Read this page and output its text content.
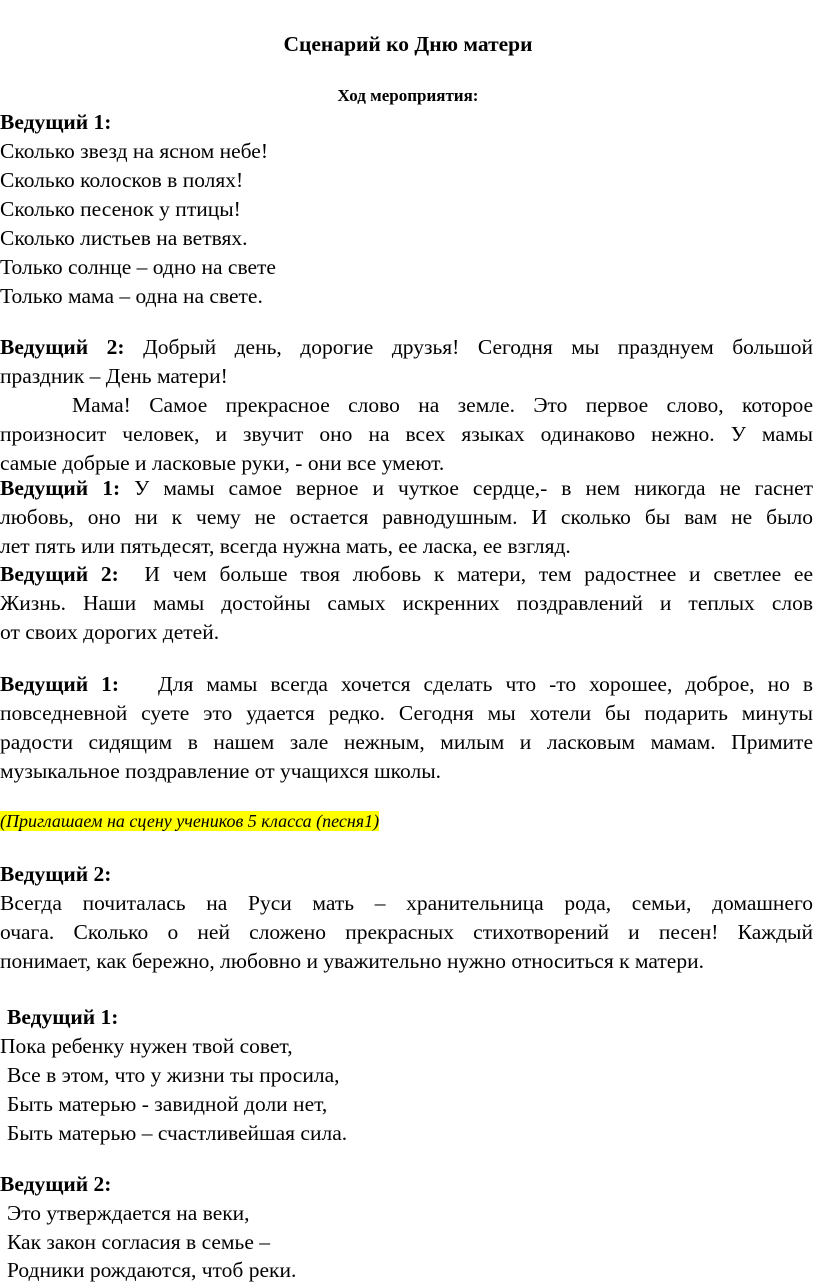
Сценарий ко Дню матери
Ход мероприятия:
Ведущий 1:
Сколько звезд на ясном небе!
Сколько колосков в полях!
Сколько песенок у птицы!
Сколько листьев на ветвях.
Только солнце – одно на свете
Только мама – одна на свете.
Ведущий 2: Добрый день, дорогие друзья! Сегодня мы празднуем большой
праздник – День матери!
Мама! Самое прекрасное слово на земле. Это первое слово, которое
произносит человек, и звучит оно на всех языках одинаково нежно. У мамы
самые добрые и ласковые руки, - они все умеют.
Ведущий 1: У мамы самое верное и чуткое сердце,- в нем никогда не гаснет
любовь, оно ни к чему не остается равнодушным. И сколько бы вам не было
лет пять или пятьдесят, всегда нужна мать, ее ласка, ее взгляд.
Ведущий 2: И чем больше твоя любовь к матери, тем радостнее и светлее ее
Жизнь. Наши мамы достойны самых искренних поздравлений и теплых слов
от своих дорогих детей.
Ведущий 1: Для мамы всегда хочется сделать что -то хорошее, доброе, но в
повседневной суете это удается редко. Сегодня мы хотели бы подарить минуты
радости сидящим в нашем зале нежным, милым и ласковым мамам. Примите
музыкальное поздравление от учащихся школы.
(Приглашаем на сцену учеников 5 класса (песня1)
Ведущий 2:
Всегда почиталась на Руси мать – хранительница рода, семьи, домашнего
очага. Сколько о ней сложено прекрасных стихотворений и песен! Каждый
понимает, как бережно, любовно и уважительно нужно относиться к матери.
Ведущий 1:
Пока ребенку нужен твой совет,
Все в этом, что у жизни ты просила,
Быть матерью - завидной доли нет,
Быть матерью – счастливейшая сила.
Ведущий 2:
Это утверждается на веки,
Как закон согласия в семье –
Родники рождаются, чтоб реки.
